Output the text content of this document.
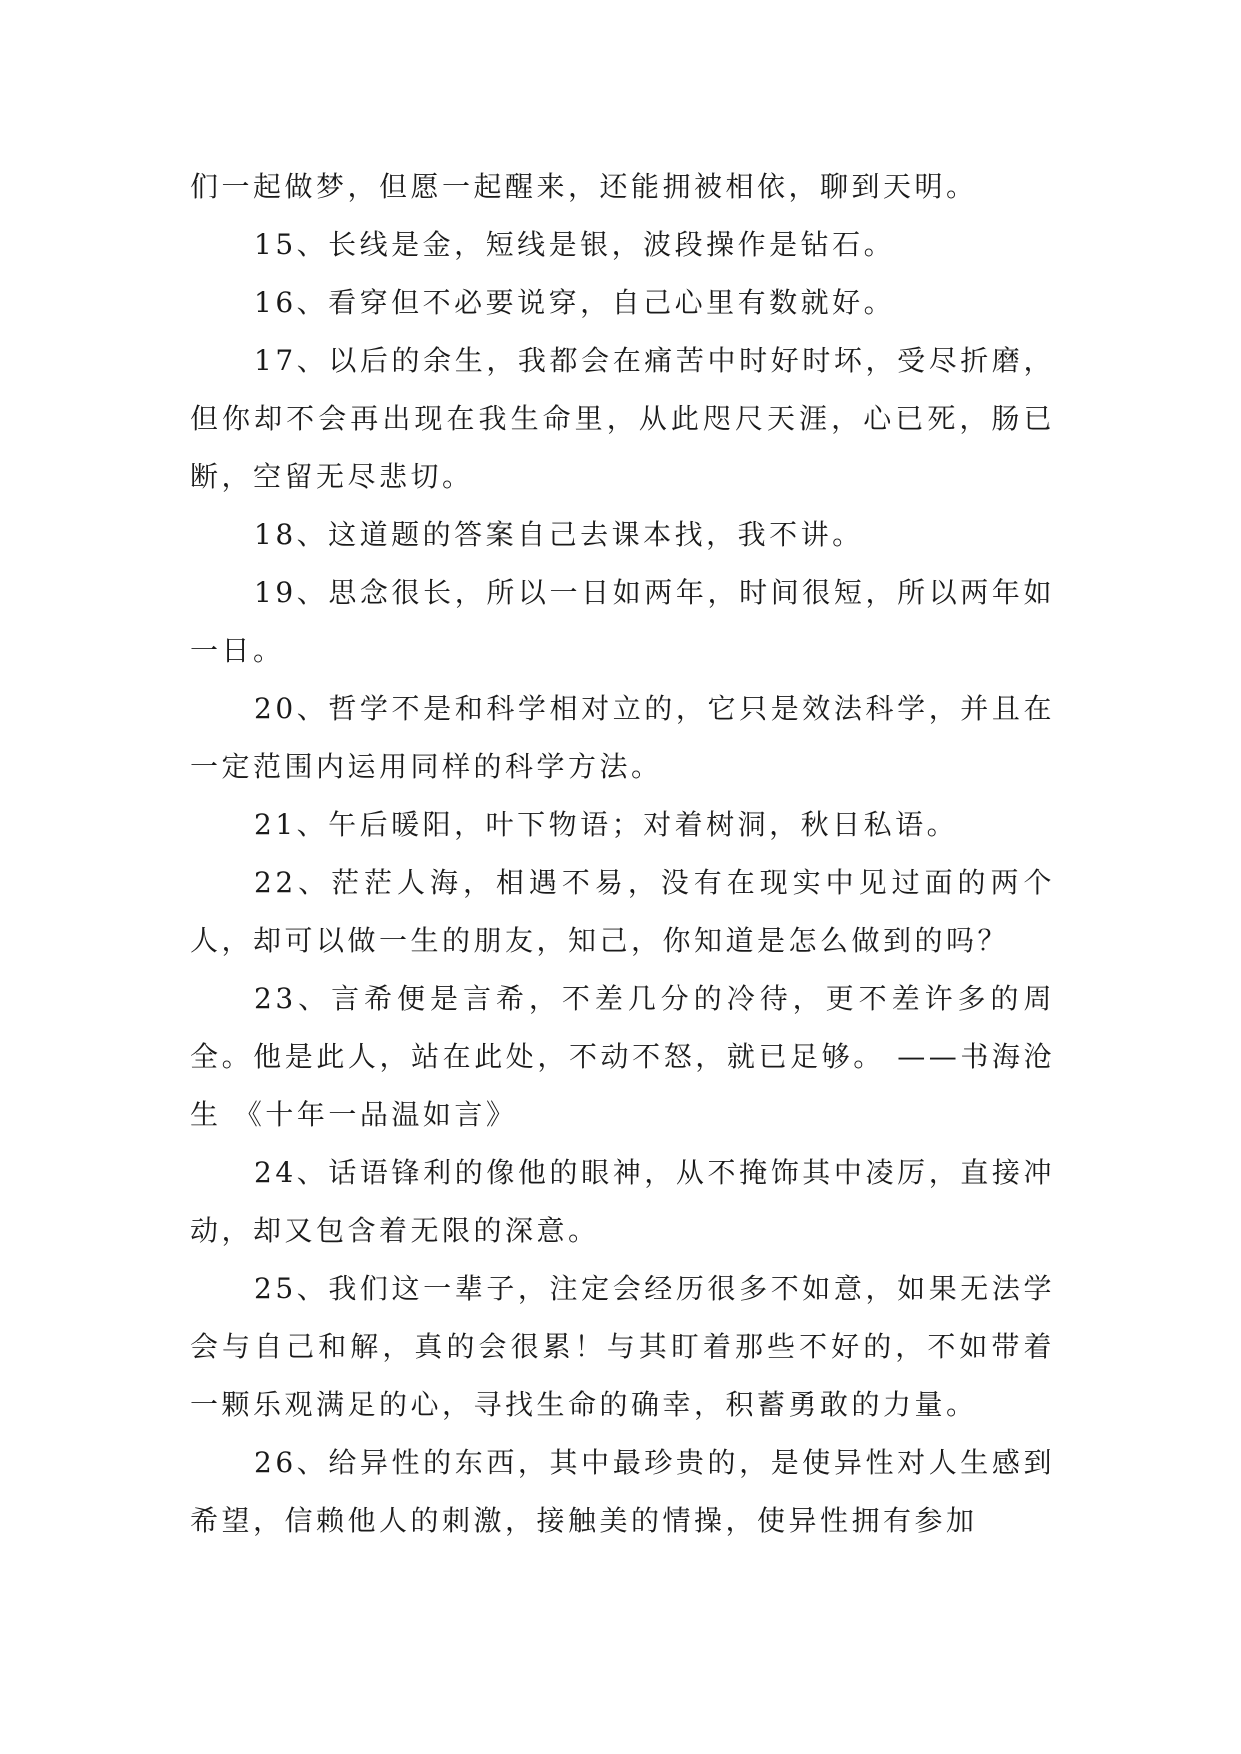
们一起做梦，但愿一起醒来，还能拥被相依，聊到天明。

15、长线是金，短线是银，波段操作是钻石。

16、看穿但不必要说穿，自己心里有数就好。

17、以后的余生，我都会在痛苦中时好时坏，受尽折磨，但你却不会再出现在我生命里，从此咫尺天涯，心已死，肠已断，空留无尽悲切。

18、这道题的答案自己去课本找，我不讲。

19、思念很长，所以一日如两年，时间很短，所以两年如一日。

20、哲学不是和科学相对立的，它只是效法科学，并且在一定范围内运用同样的科学方法。

21、午后暖阳，叶下物语；对着树洞，秋日私语。

22、茫茫人海，相遇不易，没有在现实中见过面的两个人，却可以做一生的朋友，知己，你知道是怎么做到的吗？

23、言希便是言希，不差几分的冷待，更不差许多的周全。他是此人，站在此处，不动不怒，就已足够。 ——书海沧生 《十年一品温如言》

24、话语锋利的像他的眼神，从不掩饰其中凌厉，直接冲动，却又包含着无限的深意。

25、我们这一辈子，注定会经历很多不如意，如果无法学会与自己和解，真的会很累！与其盯着那些不好的，不如带着一颗乐观满足的心，寻找生命的确幸，积蓄勇敢的力量。

26、给异性的东西，其中最珍贵的，是使异性对人生感到希望，信赖他人的刺激，接触美的情操，使异性拥有参加
